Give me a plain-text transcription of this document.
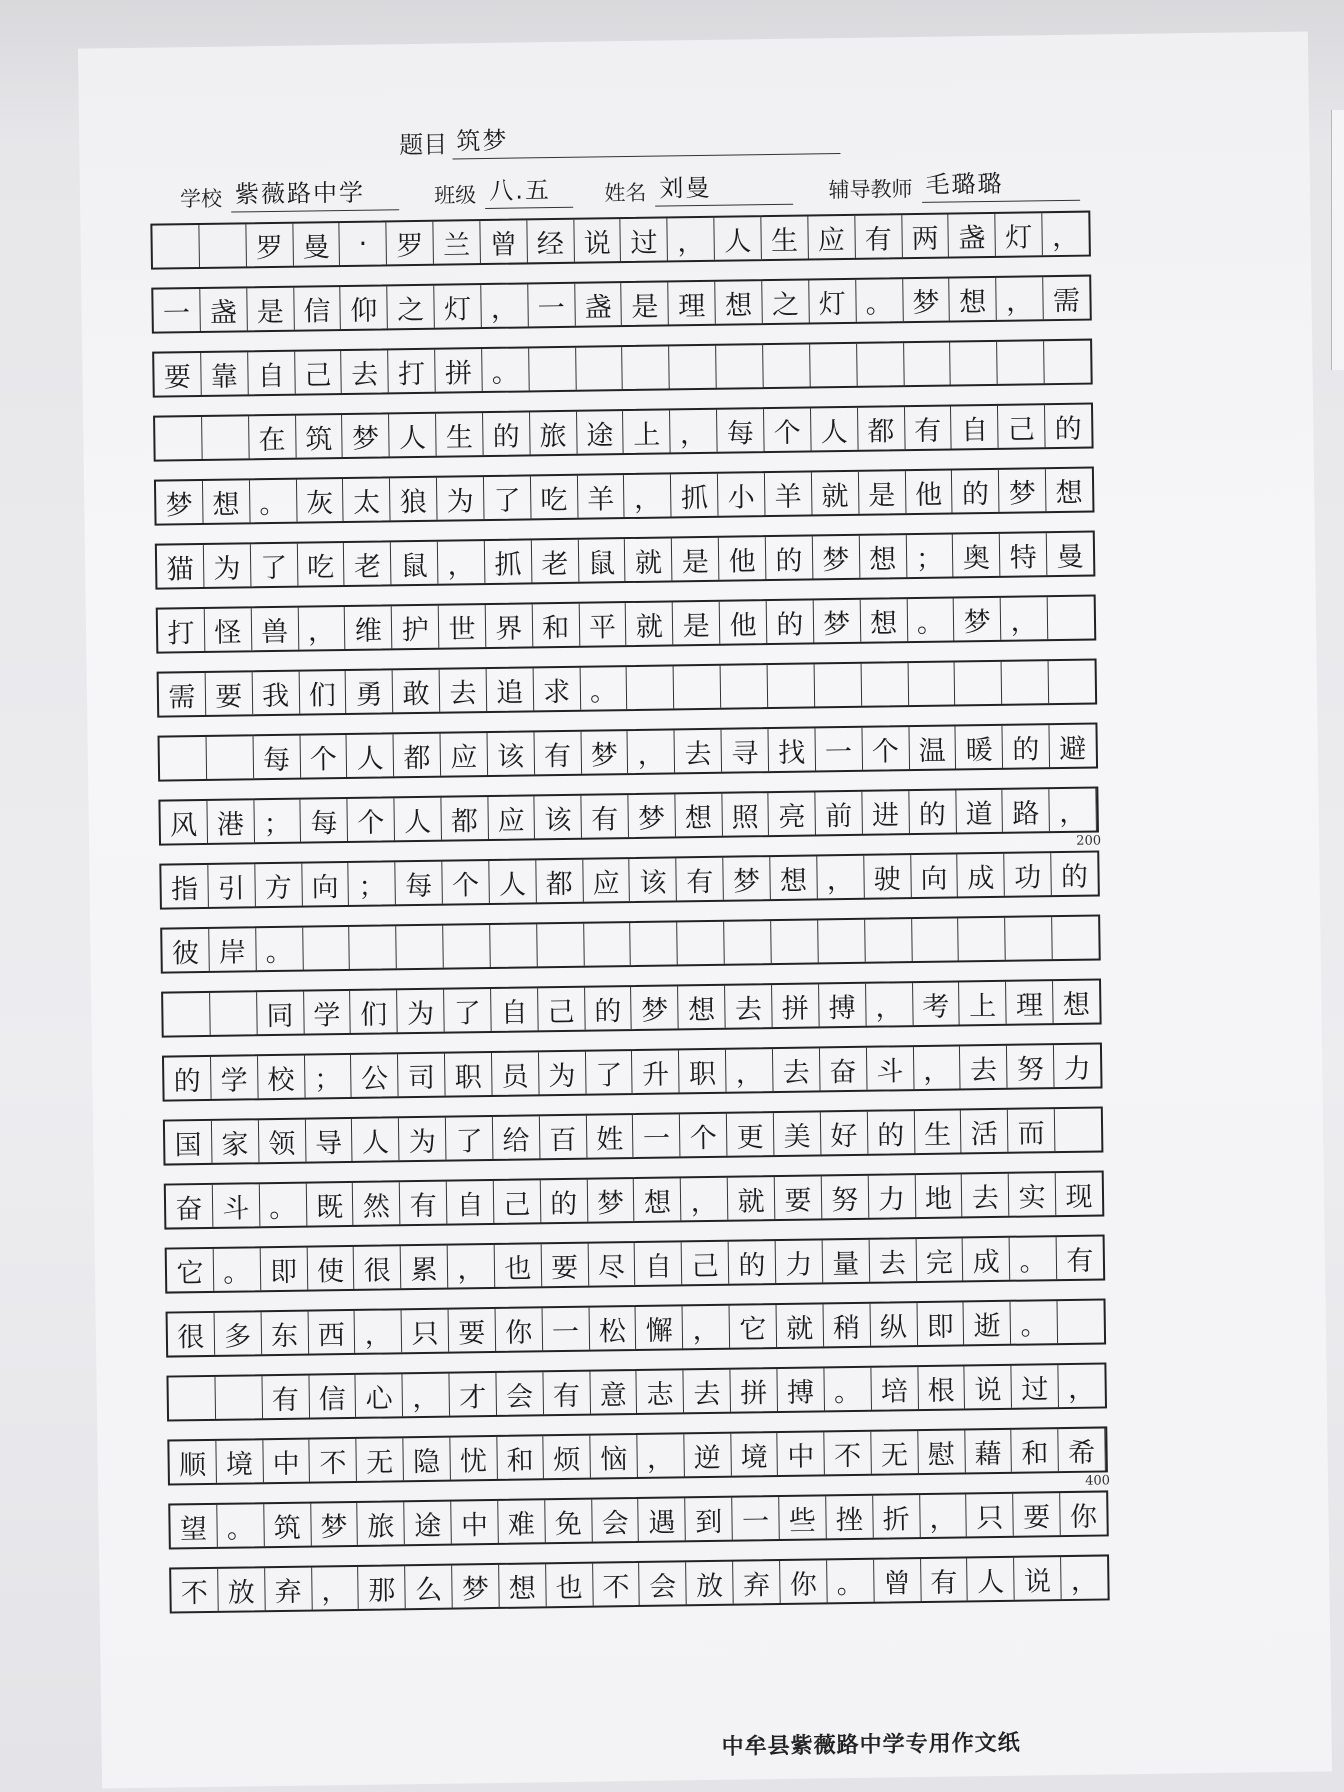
题目 筑梦
学校 紫薇路中学	班级 八.五	姓名 刘曼	辅导教师 毛璐璐
罗 曼	·	罗 兰 曾 经 说 过 ， 人 生 应 有 两 盏 灯 ，
一 盏 是 信 仰 之 灯 ， 一 盏 是 理 想 之 灯 。 梦 想 ， 需
要 靠 自 己 去 打 拼 。
在 筑 梦 人 生 的 旅 途 上 ， 每 个 人 都 有 自 己 的
梦 想 。 灰 太 狼 为 了 吃 羊 ， 抓 小 羊 就 是 他 的 梦 想
猫 为 了 吃 老 鼠 ， 抓 老 鼠 就 是 他 的 梦 想 ； 奥 特 曼
打 怪 兽 ， 维 护 世 界 和 平 就 是 他 的 梦 想 。 梦 ，
需 要 我 们 勇 敢 去 追 求 。
每 个 人 都 应 该 有 梦 ， 去 寻 找 一 个 温 暖 的 避
风 港 ； 每 个 人 都 应 该 有 梦 想 照 亮 前 进 的 道 路 ，
200
指 引 方 向 ； 每 个 人 都 应 该 有 梦 想 ， 驶 向 成 功 的
彼 岸 。
同 学 们 为 了 自 己 的 梦 想 去 拼 搏 ， 考 上 理 想
的 学 校 ； 公 司 职 员 为 了 升 职 ， 去 奋 斗 ， 去 努 力
国 家 领 导 人 为 了 给 百 姓 一 个 更 美 好 的 生 活 而
奋 斗 。 既 然 有 自 己 的 梦 想 ， 就 要 努 力 地 去 实 现
它 。 即 使 很 累 ， 也 要 尽 自 己 的 力 量 去 完 成 。 有
很 多 东 西 ， 只 要 你 一 松 懈 ， 它 就 稍 纵 即 逝 。
有 信 心 ， 才 会 有 意 志 去 拼 搏 。 培 根 说 过 ，
顺 境 中 不 无 隐 忧 和 烦 恼 ， 逆 境 中 不 无 慰 藉 和 希
400
望 。 筑 梦 旅 途 中 难 免 会 遇 到 一 些 挫 折 ， 只 要 你
不 放 弃 ， 那 么 梦 想 也 不 会 放 弃 你 。 曾 有 人 说 ，
中牟县紫薇路中学专用作文纸
